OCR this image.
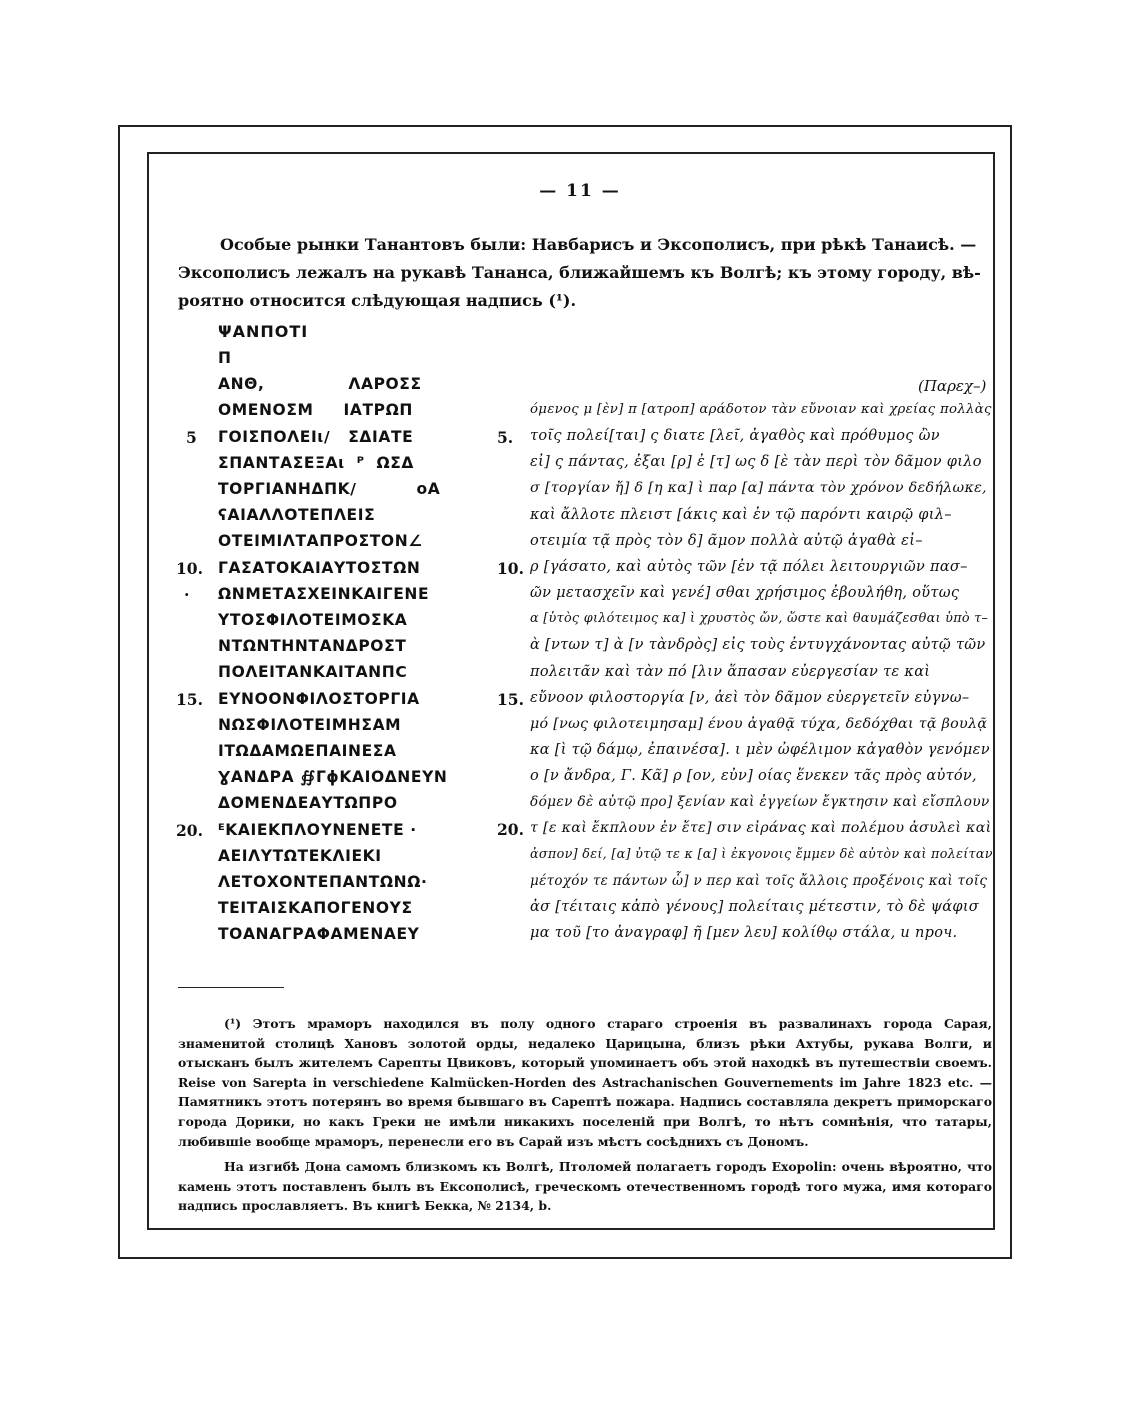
— 11 —
Особые рынки Танантовъ были: Навбарисъ и Эксополисъ, при рѣкѣ Танаисѣ. —
Эксополисъ лежалъ на рукавѣ Тананса, ближайшемъ къ Волгѣ; къ этому городу, вѣ-
роятно относится слѣдующая надпись (¹).
ΨΑΝΠΟΤΙ
Π
ΑΝΘ,              ΛΑΡΟΣΣ
ΟΜΕΝΟΣΜ     ΙΑΤΡΩΠ
5 ΓΟΙΣΠΟΛΕΙι/   ΣΔΙΑΤΕ
ΣΠΑΝΤΑΣΕΞΑι  ᴾ  ΩΣΔ
ΤΟΡΓΙΑΝΗΔΠΚ/          οΑ
ʕΑΙΑΛΛΟΤΕΠΛΕΙΣ
ΟΤΕΙΜΙΛΤΑΠΡΟΣΤΟΝ∠
10. ΓΑΣΑΤΟΚΑΙΑΥΤΟΣΤΩΝ
· ΩΝΜΕΤΑΣΧΕΙΝΚΑΙΓΕΝΕ
ΥΤΟΣΦΙΛΟΤΕΙΜΟΣΚΑ
ΝΤΩΝΤΗΝΤΑΝΔΡΟΣΤ
ΠΟΛΕΙΤΑΝΚΑΙΤΑΝΠC
15. ΕΥΝΟΟΝΦΙΛΟΣΤΟΡΓΙΑ
ΝΩΣΦΙΛΟΤΕΙΜΗΣΑΜ
ΙΤΩΔΑΜΩΕΠΑΙΝΕΣΑ
ƔΑΝΔΡΑ ∯ΓϕΚΑΙΟΔΝΕΥΝ
ΔΟΜΕΝΔΕΑΥΤΩΠΡΟ
20. ᴱΚΑΙΕΚΠΛΟΥΝΕΝΕΤΕ ·
ΑΕΙΛΥΤΩΤΕΚΛΙΕΚΙ
ΛΕΤΟΧΟΝΤΕΠΑΝΤΩΝΩ·
ΤΕΙΤΑΙΣΚΑΠΟΓΕΝΟΥΣ
ΤΟΑΝΑΓΡΑΦΑΜΕΝΑΕΥ
(Παρεχ–)
όμενος μ [ὲν] π [ατροπ] αράδοτον τὰν εὔνοιαν καὶ χρείας πολλὰς
5. τοῖς πολεί[ται] ς διατε [λεῖ, ἀγαθὸς καὶ πρόθυμος ὢν
εἰ] ς πάντας, ἐξαι [ρ] ἐ [τ] ως δ [ὲ τὰν περὶ τὸν δᾶμον φιλο
σ [τοργίαν ἤ] δ [η κα] ὶ παρ [α] πάντα τὸν χρόνον δεδήλωκε,
καὶ ἄλλοτε πλειστ [άκις καὶ ἐν τῷ παρόντι καιρῷ φιλ–
οτειμία τᾷ πρὸς τὸν δ] ᾶμον πολλὰ αὐτῷ ἀγαθὰ εἰ–
10. ρ [γάσατο, καὶ αὐτὸς τῶν [ἐν τᾷ πόλει λειτουργιῶν πασ–
ῶν μετασχεῖν καὶ γενέ] σθαι χρήσιμος ἐβουλήθη, οὕτως
α [ὑτὸς φιλότειμος κα] ὶ χρυστὸς ὤν, ὥστε καὶ θαυμάζεσθαι ὑπὸ τ–
ὰ [ντων τ] ὰ [ν τὰνδρὸς] εἰς τοὺς ἐντυγχάνοντας αὐτῷ τῶν
πολειτᾶν καὶ τὰν πό [λιν ἅπασαν εὐεργεσίαν τε καὶ
15. εὔνοον φιλοστοργία [ν, ἀεὶ τὸν δᾶμον εὐεργετεῖν εὐγνω–
μό [νως φιλοτειμησαμ] ένου ἀγαθᾷ τύχα, δεδόχθαι τᾷ βουλᾷ
κα [ὶ τῷ δάμῳ, ἐπαινέσα]. ι μὲν ὠφέλιμον κἀγαθὸν γενόμεν
ο [ν ἄνδρα, Γ. Κᾶ] ρ [ον, εὐν] οίας ἕνεκεν τᾶς πρὸς αὐτόν,
δόμεν δὲ αὐτῷ προ] ξενίαν καὶ ἐγγείων ἔγκτησιν καὶ εἴσπλουν
20. τ [ε καὶ ἔκπλουν ἐν ἔτε] σιν εἰράνας καὶ πολέμου ἀσυλεὶ καὶ
ἀσπον] δεί, [α] ὐτῷ τε κ [α] ὶ ἐκγονοις ἔμμεν δὲ αὐτὸν καὶ πολείταν
μέτοχόν τε πάντων ὧ] ν περ καὶ τοῖς ἄλλοις προξένοις καὶ τοῖς
ἀσ [τέιταις κἀπὸ γένους] πολείταις μέτεστιν, τὸ δὲ ψάφισ
μα τοῦ [το ἀναγραφ] ῆ [μεν λευ] κολίθῳ στάλα, и проч.

(¹) Этотъ мраморъ находился въ полу одного стараго строенія въ развалинахъ города Сарая, знаменитой столицѣ Хановъ золотой орды, недалеко Царицына, близъ рѣки Ахтубы, рукава Волги, и отысканъ былъ жителемъ Сарепты Цвиковъ, который упоминаетъ объ этой находкѣ въ путешествіи своемъ. Reise von Sarepta in verschiedene Kalmücken-Horden des Astrachanischen Gouvernements im Jahre 1823 etc. — Памятникъ этотъ потерянъ во время бывшаго въ Сарептѣ пожара. Надпись составляла декретъ приморскаго города Дорики, но какъ Греки не имѣли никакихъ поселеній при Волгѣ, то нѣтъ сомнѣнія, что татары, любившіе вообще мраморъ, перенесли его въ Сарай изъ мѣстъ сосѣднихъ съ Дономъ.

На изгибѣ Дона самомъ близкомъ къ Волгѣ, Птоломей полагаетъ городъ Exopolin: очень вѣроятно, что камень этотъ поставленъ былъ въ Ексополисѣ, греческомъ отечественномъ городѣ того мужа, имя котораго надпись прославляетъ. Въ книгѣ Бекка, № 2134, b.
